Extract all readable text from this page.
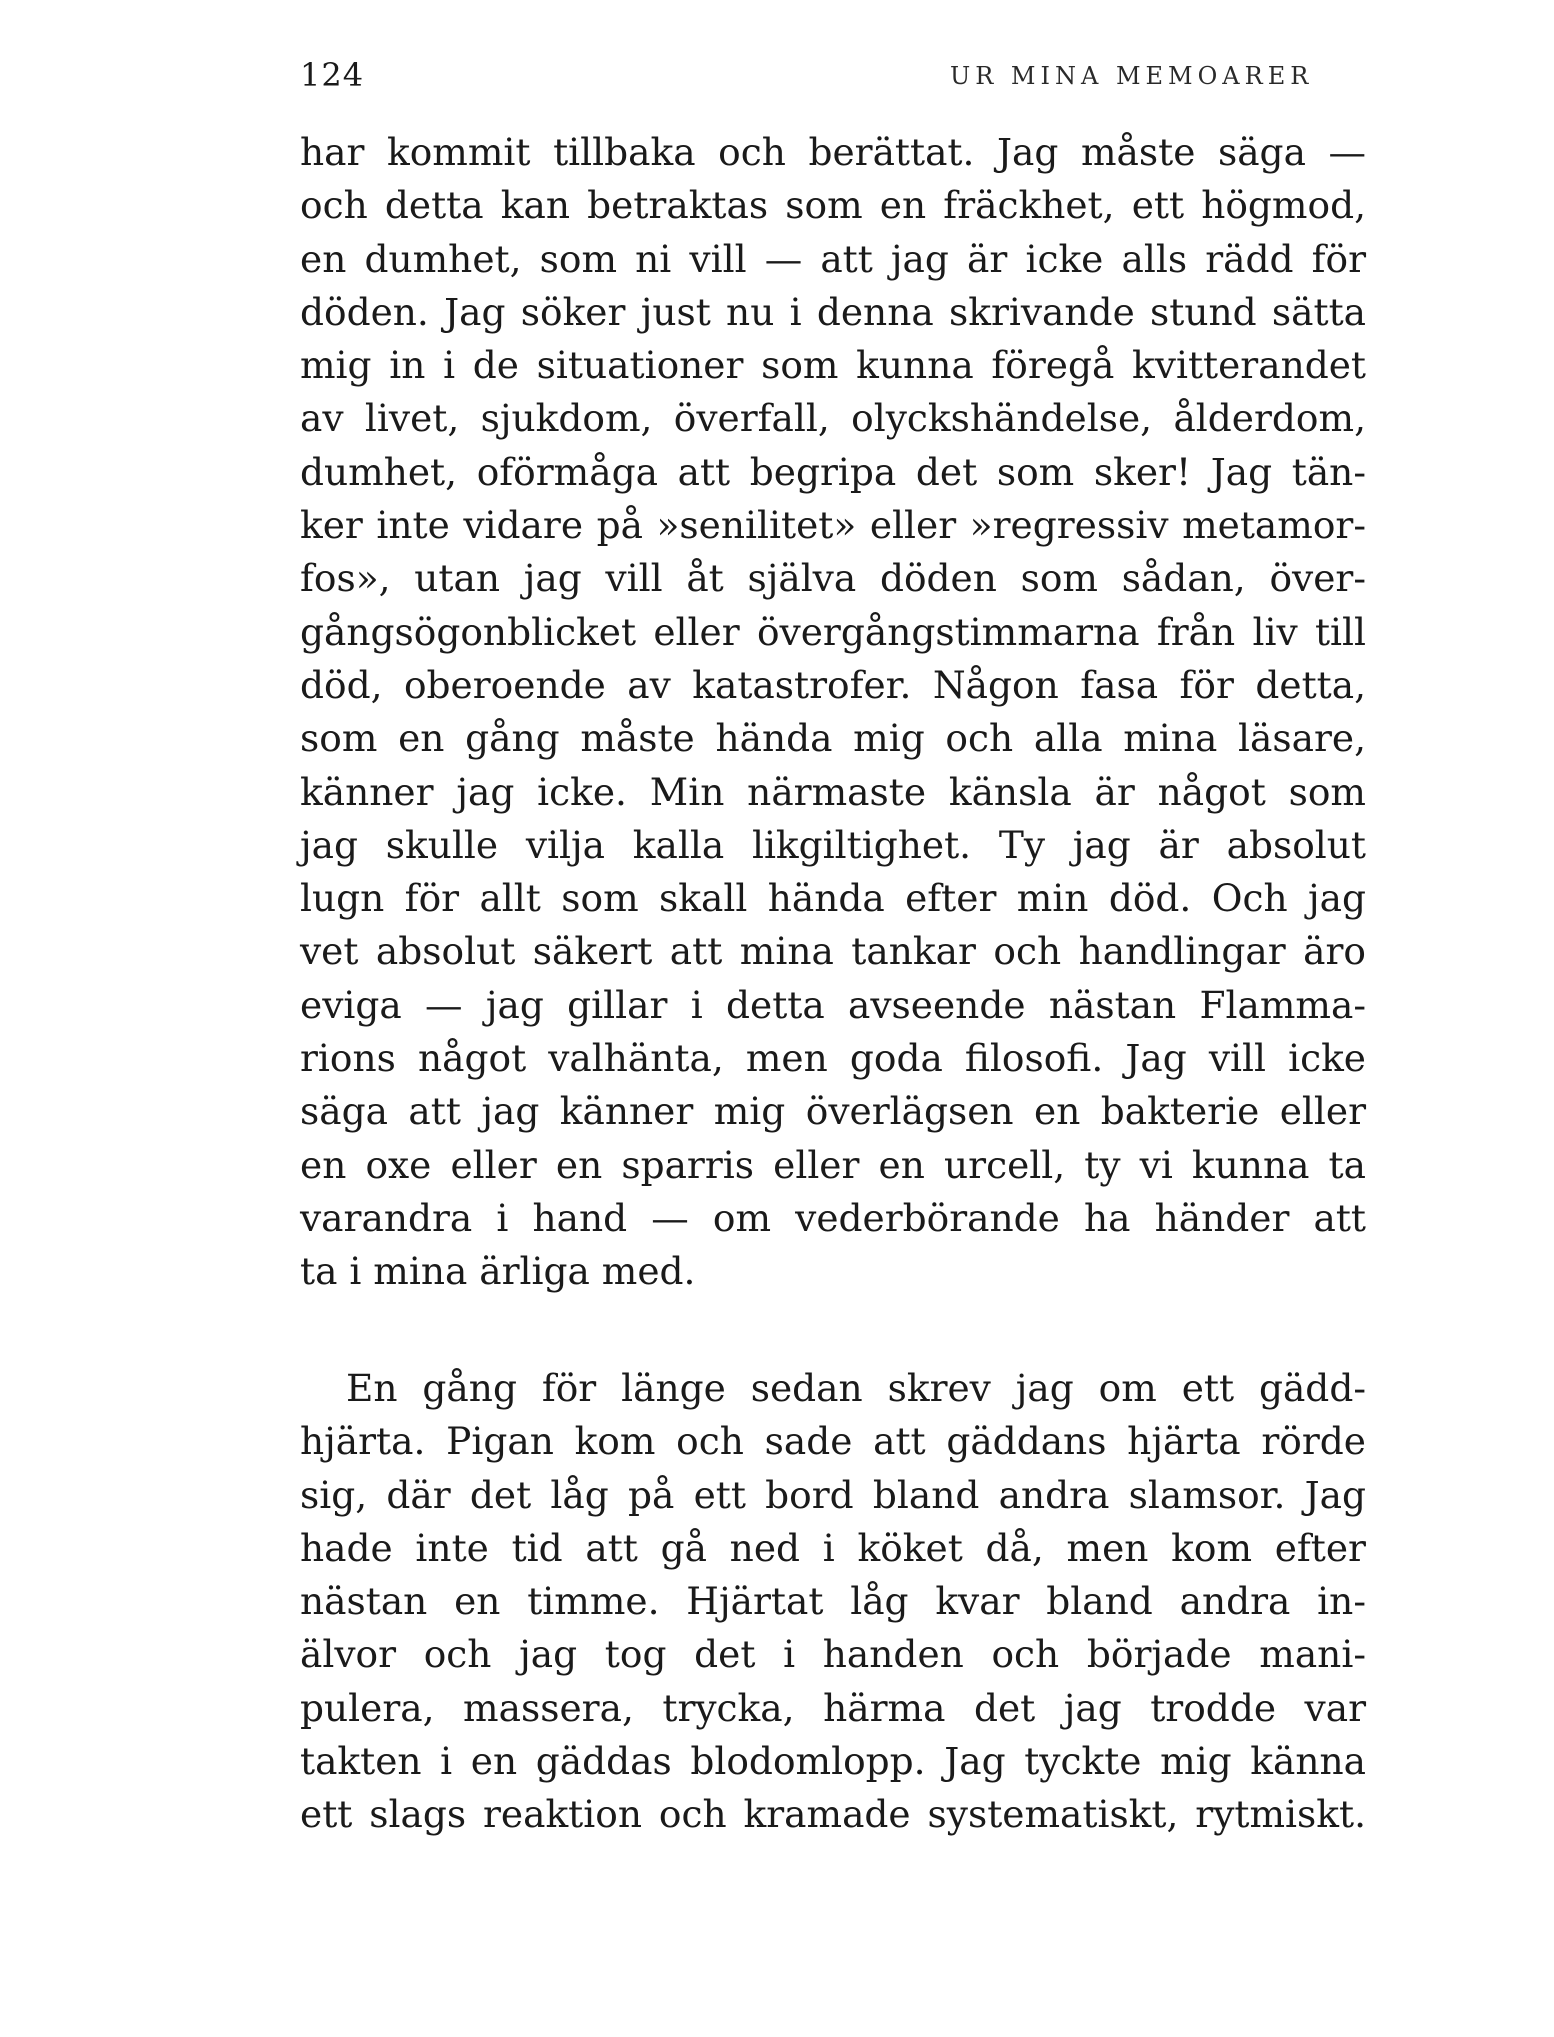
124	UR MINA MEMOARER
har kommit tillbaka och berättat. Jag måste säga —
och detta kan betraktas som en fräckhet, ett högmod,
en dumhet, som ni vill — att jag är icke alls rädd för
döden. Jag söker just nu i denna skrivande stund sätta
mig in i de situationer som kunna föregå kvitterandet
av livet, sjukdom, överfall, olyckshändelse, ålderdom,
dumhet, oförmåga att begripa det som sker! Jag tän-
ker inte vidare på »senilitet» eller »regressiv metamor-
fos», utan jag vill åt själva döden som sådan, över-
gångsögonblicket eller övergångstimmarna från liv till
död, oberoende av katastrofer. Någon fasa för detta,
som en gång måste hända mig och alla mina läsare,
känner jag icke. Min närmaste känsla är något som
jag skulle vilja kalla likgiltighet. Ty jag är absolut
lugn för allt som skall hända efter min död. Och jag
vet absolut säkert att mina tankar och handlingar äro
eviga — jag gillar i detta avseende nästan Flamma-
rions något valhänta, men goda filosofi. Jag vill icke
säga att jag känner mig överlägsen en bakterie eller
en oxe eller en sparris eller en urcell, ty vi kunna ta
varandra i hand — om vederbörande ha händer att
ta i mina ärliga med.
En gång för länge sedan skrev jag om ett gädd-
hjärta. Pigan kom och sade att gäddans hjärta rörde
sig, där det låg på ett bord bland andra slamsor. Jag
hade inte tid att gå ned i köket då, men kom efter
nästan en timme. Hjärtat låg kvar bland andra in-
älvor och jag tog det i handen och började mani-
pulera, massera, trycka, härma det jag trodde var
takten i en gäddas blodomlopp. Jag tyckte mig känna
ett slags reaktion och kramade systematiskt, rytmiskt.
